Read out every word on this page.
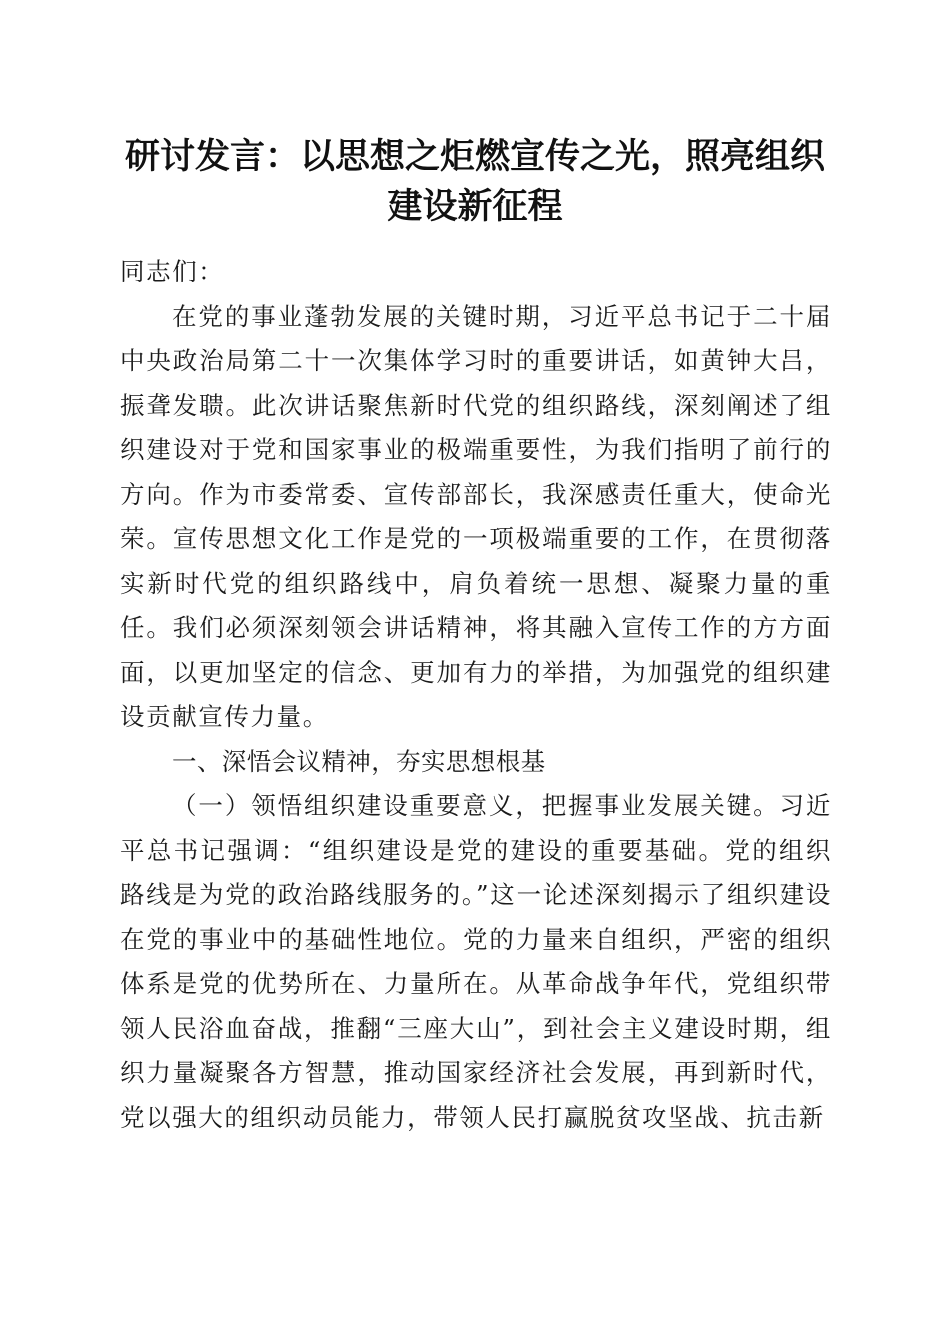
研讨发言：以思想之炬燃宣传之光，照亮组织
建设新征程

同志们：

在党的事业蓬勃发展的关键时期，习近平总书记于二十届中央政治局第二十一次集体学习时的重要讲话，如黄钟大吕，振聋发聩。此次讲话聚焦新时代党的组织路线，深刻阐述了组织建设对于党和国家事业的极端重要性，为我们指明了前行的方向。作为市委常委、宣传部部长，我深感责任重大，使命光荣。宣传思想文化工作是党的一项极端重要的工作，在贯彻落实新时代党的组织路线中，肩负着统一思想、凝聚力量的重任。我们必须深刻领会讲话精神，将其融入宣传工作的方方面面，以更加坚定的信念、更加有力的举措，为加强党的组织建设贡献宣传力量。

一、深悟会议精神，夯实思想根基

（一）领悟组织建设重要意义，把握事业发展关键。习近平总书记强调：“组织建设是党的建设的重要基础。党的组织路线是为党的政治路线服务的。”这一论述深刻揭示了组织建设在党的事业中的基础性地位。党的力量来自组织，严密的组织体系是党的优势所在、力量所在。从革命战争年代，党组织带领人民浴血奋战，推翻“三座大山”，到社会主义建设时期，组织力量凝聚各方智慧，推动国家经济社会发展，再到新时代，党以强大的组织动员能力，带领人民打赢脱贫攻坚战、抗击新
